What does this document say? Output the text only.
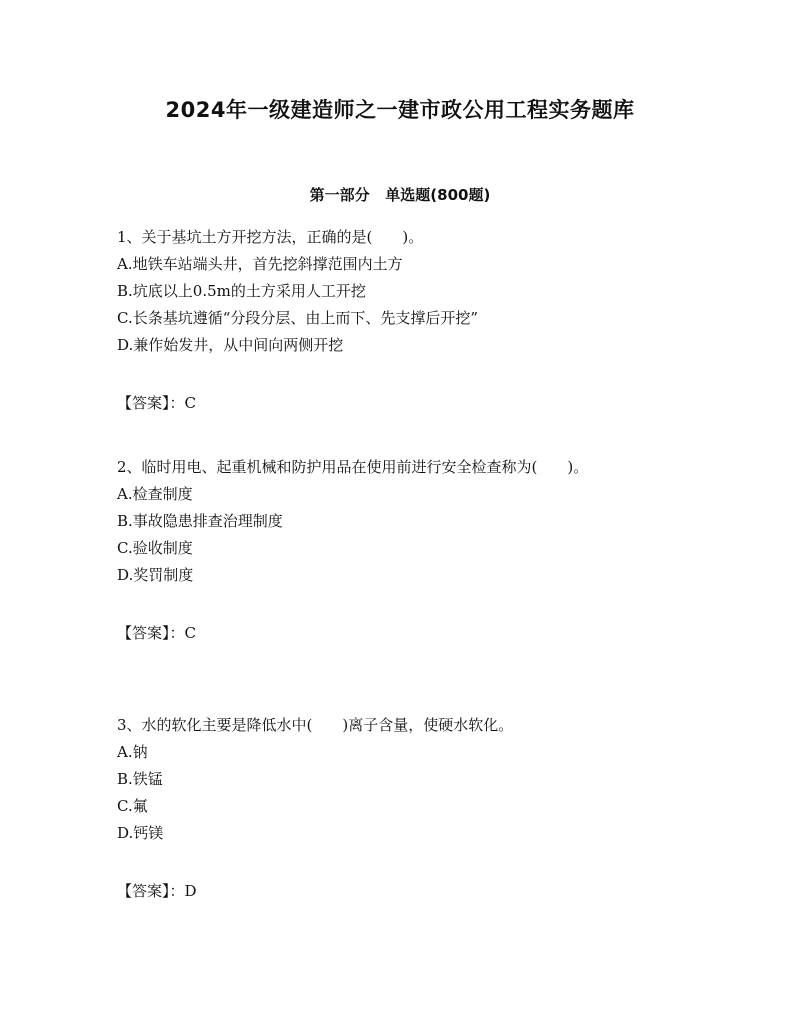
2024年一级建造师之一建市政公用工程实务题库
第一部分   单选题(800题)

1、关于基坑土方开挖方法，正确的是(　　)。

A.地铁车站端头井，首先挖斜撑范围内土方
B.坑底以上0.5m的土方采用人工开挖
C.长条基坑遵循“分段分层、由上而下、先支撑后开挖”
D.兼作始发井，从中间向两侧开挖

【答案】：C

2、临时用电、起重机械和防护用品在使用前进行安全检查称为(　　)。

A.检查制度
B.事故隐患排查治理制度
C.验收制度
D.奖罚制度

【答案】：C

3、水的软化主要是降低水中(　　)离子含量，使硬水软化。

A.钠
B.铁锰
C.氟
D.钙镁

【答案】：D
